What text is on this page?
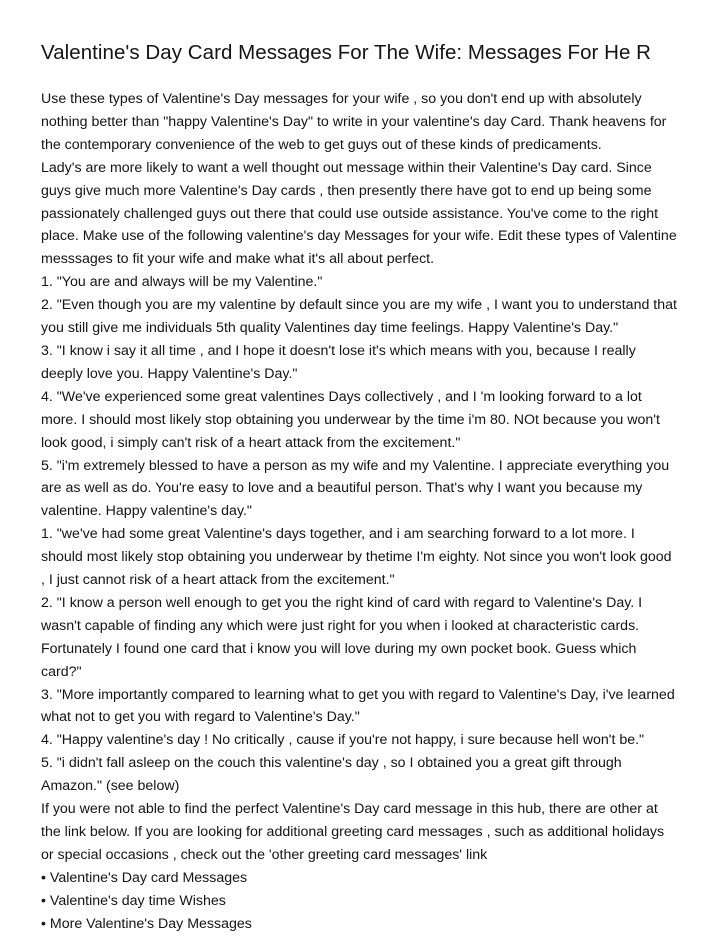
Valentine's Day Card Messages For The Wife: Messages For He R
Use these types of Valentine's Day messages for your wife , so you don't end up with absolutely
nothing better than "happy Valentine's Day" to write in your valentine's day Card. Thank heavens for
the contemporary convenience of the web to get guys out of these kinds of predicaments.
Lady's are more likely to want a well thought out message within their Valentine's Day card. Since
guys give much more Valentine's Day cards , then presently there have got to end up being some
passionately challenged guys out there that could use outside assistance. You've come to the right
place. Make use of the following valentine's day Messages for your wife. Edit these types of Valentine
messsages to fit your wife and make what it's all about perfect.
1. "You are and always will be my Valentine."
2. "Even though you are my valentine by default since you are my wife , I want you to understand that
you still give me individuals 5th quality Valentines day time feelings. Happy Valentine's Day."
3. "I know i say it all time , and I hope it doesn't lose it's which means with you, because I really
deeply love you. Happy Valentine's Day."
4. "We've experienced some great valentines Days collectively , and I 'm looking forward to a lot
more. I should most likely stop obtaining you underwear by the time i'm 80. NOt because you won't
look good, i simply can't risk of a heart attack from the excitement."
5. "i'm extremely blessed to have a person as my wife and my Valentine. I appreciate everything you
are as well as do. You're easy to love and a beautiful person. That's why I want you because my
valentine. Happy valentine's day."
1. "we've had some great Valentine's days together, and i am searching forward to a lot more. I
should most likely stop obtaining you underwear by thetime I'm eighty. Not since you won't look good
, I just cannot risk of a heart attack from the excitement."
2. "I know a person well enough to get you the right kind of card with regard to Valentine's Day. I
wasn't capable of finding any which were just right for you when i looked at characteristic cards.
Fortunately I found one card that i know you will love during my own pocket book. Guess which
card?"
3. "More importantly compared to learning what to get you with regard to Valentine's Day, i've learned
what not to get you with regard to Valentine's Day."
4. "Happy valentine's day ! No critically , cause if you're not happy, i sure because hell won't be."
5. "i didn't fall asleep on the couch this valentine's day , so I obtained you a great gift through
Amazon." (see below)
If you were not able to find the perfect Valentine's Day card message in this hub, there are other at
the link below. If you are looking for additional greeting card messages , such as additional holidays
or special occasions , check out the 'other greeting card messages' link
• Valentine's Day card Messages
• Valentine's day time Wishes
• More Valentine's Day Messages
